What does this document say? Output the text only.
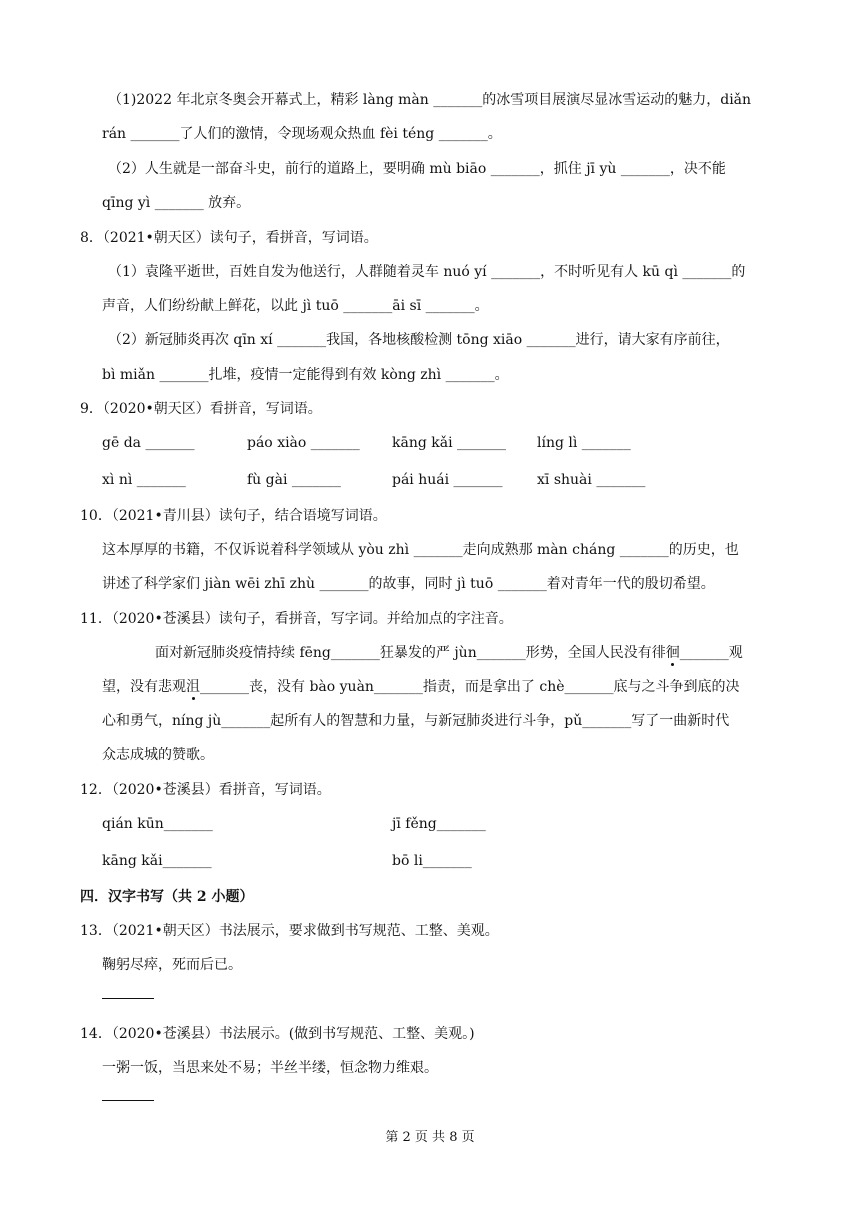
（1)2022 年北京冬奥会开幕式上，精彩 làng màn _______的冰雪项目展演尽显冰雪运动的魅力，diǎn
rán _______了人们的激情，令现场观众热血 fèi téng _______。
（2）人生就是一部奋斗史，前行的道路上，要明确 mù biāo _______，抓住 jī yù _______，决不能
qīng yì _______ 放弃。
8．（2021•朝天区）读句子，看拼音，写词语。
（1）袁隆平逝世，百姓自发为他送行，人群随着灵车 nuó yí _______，不时听见有人 kū qì _______的
声音，人们纷纷献上鲜花，以此 jì tuō _______āi sī _______。
（2）新冠肺炎再次 qīn xí _______我国，各地核酸检测 tōng xiāo _______进行，请大家有序前往，
bì miǎn _______扎堆，疫情一定能得到有效 kòng zhì _______。
9．（2020•朝天区）看拼音，写词语。
gē da _______	páo xiào _______ kāng kǎi _______ líng lì _______
xì nì _______	fù gài _______	pái huái _______ xī shuài _______
10．（2021•青川县）读句子，结合语境写词语。
这本厚厚的书籍，不仅诉说着科学领域从 yòu zhì _______走向成熟那 màn cháng _______的历史，也
讲述了科学家们 jiàn wēi zhī zhù _______的故事，同时 jì tuō _______着对青年一代的殷切希望。
11．（2020•苍溪县）读句子，看拼音，写字词。并给加点的字注音。
面对新冠肺炎疫情持续 fēng_______狂暴发的严 jùn_______形势，全国人民没有徘徊_______观
望，没有悲观沮_______丧，没有 bào yuàn_______指责，而是拿出了 chè_______底与之斗争到底的决
心和勇气，níng jù_______起所有人的智慧和力量，与新冠肺炎进行斗争，pǔ_______写了一曲新时代
众志成城的赞歌。
12．（2020•苍溪县）看拼音，写词语。
qián kūn_______	jī fěng_______
kāng kǎi_______	bō li_______
四．汉字书写（共 2 小题）
13．（2021•朝天区）书法展示，要求做到书写规范、工整、美观。
鞠躬尽瘁，死而后已。
14．（2020•苍溪县）书法展示。(做到书写规范、工整、美观。)
一粥一饭，当思来处不易；半丝半缕，恒念物力维艰。
第 2 页 共 8 页
